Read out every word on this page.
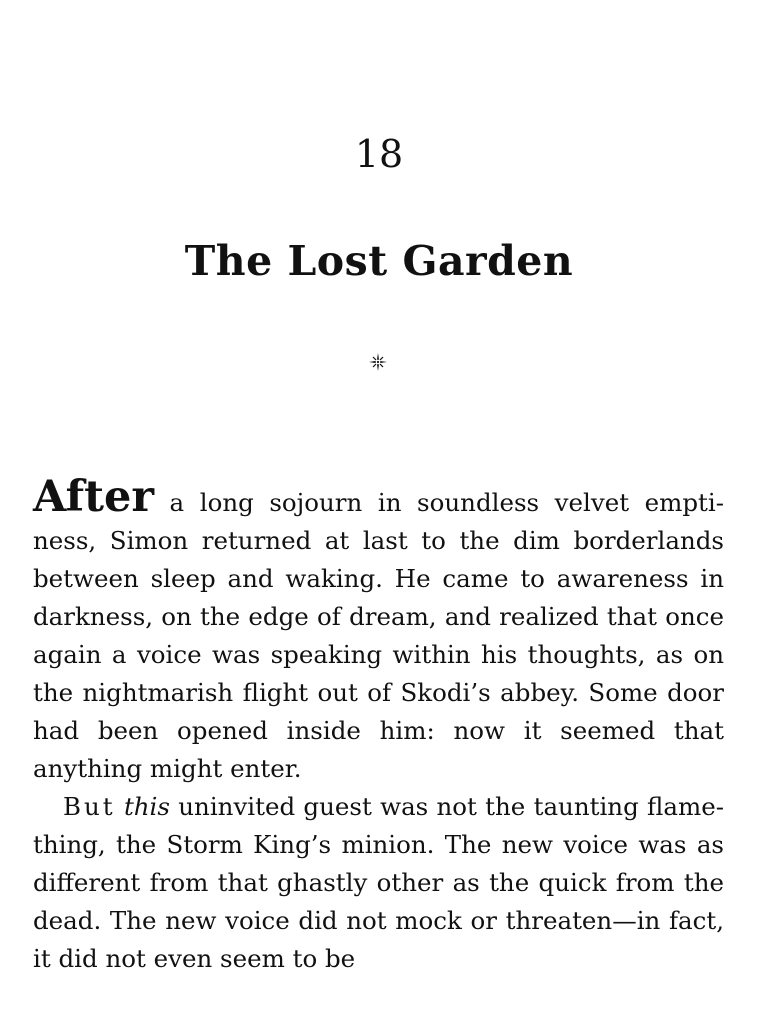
18
The Lost Garden

After a long sojourn in soundless velvet emptiness, Simon returned at last to the dim borderlands between sleep and waking. He came to awareness in darkness, on the edge of dream, and realized that once again a voice was speaking within his thoughts, as on the nightmarish flight out of Skodi’s abbey. Some door had been opened inside him: now it seemed that anything might enter.

But this uninvited guest was not the taunting flame-thing, the Storm King’s minion. The new voice was as different from that ghastly other as the quick from the dead. The new voice did not mock or threaten—in fact, it did not even seem to be
